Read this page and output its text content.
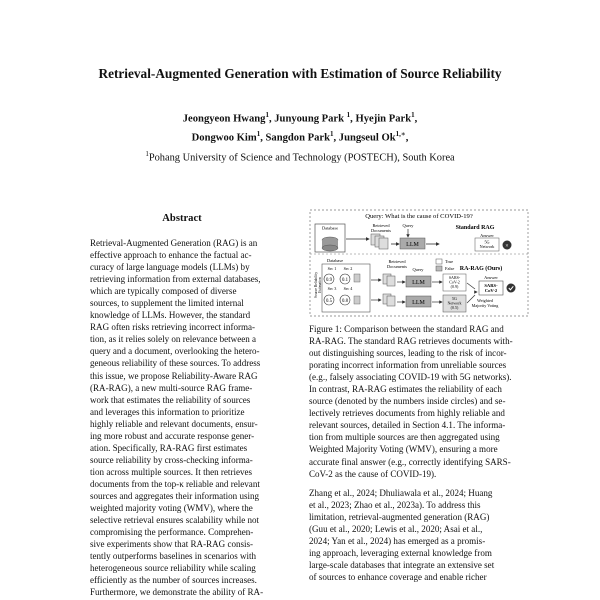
Retrieval-Augmented Generation with Estimation of Source Reliability
Jeongyeon Hwang$^1$, Junyoung Park $^1$, Hyejin Park$^1$,
Dongwoo Kim$^1$, Sangdon Park$^1$, Jungseul $Ok^{1,∗}$,
$^1$Pohang University of Science and Technology (POSTECH), South Korea
Abstract
Retrieval-Augmented Generation (RAG) is an
effective approach to enhance the factual ac-
curacy of large language models (LLMs) by
retrieving information from external databases,
which are typically composed of diverse
sources, to supplement the limited internal
knowledge of LLMs. However, the standard
RAG often risks retrieving incorrect informa-
tion, as it relies solely on relevance between a
query and a document, overlooking the hetero-
geneous reliability of these sources. To address
this issue, we propose Reliability-Aware RAG
(RA-RAG), a new multi-source RAG frame-
work that estimates the reliability of sources
and leverages this information to prioritize
highly reliable and relevant documents, ensur-
ing more robust and accurate response gener-
ation. Specifically, RA-RAG first estimates
source reliability by cross-checking informa-
tion across multiple sources. It then retrieves
documents from the top-κ reliable and relevant
sources and aggregates their information using
weighted majority voting (WMV), where the
selective retrieval ensures scalability while not
compromising the performance. Comprehen-
sive experiments show that RA-RAG consis-
tently outperforms baselines in scenarios with
heterogeneous source reliability while scaling
efficiently as the number of sources increases.
Furthermore, we demonstrate the ability of RA-
Query: What is the cause of COVID-19?
Database	Retrieved Documents
Query
LLM
Standard RAG
Answer
5G Network ×
Source ReliabilityEstimation
Database
Src 1 Src 2
0.9 0.1
Src 3 Src 4
0.5 0.8
Retrieved Documents
Query
LLM
LLM
True
False RA-RAG (Ours)
SARS-CoV-2 (0.9)
5G Network (0.5)
Answer
SARS-CoV-2
Weighted Majority Voting
Figure 1: Comparison between the standard RAG and
RA-RAG. The standard RAG retrieves documents with-
out distinguishing sources, leading to the risk of incor-
porating incorrect information from unreliable sources
(e.g., falsely associating COVID-19 with 5G networks).
In contrast, RA-RAG estimates the reliability of each
source (denoted by the numbers inside circles) and se-
lectively retrieves documents from highly reliable and
relevant sources, detailed in Section 4.1. The informa-
tion from multiple sources are then aggregated using
Weighted Majority Voting (WMV), ensuring a more
accurate final answer (e.g., correctly identifying SARS-
CoV-2 as the cause of COVID-19).
Zhang et al., 2024; Dhuliawala et al., 2024; Huang
et al., 2023; Zhao et al., 2023a). To address this
limitation, retrieval-augmented generation (RAG)
(Guu et al., 2020; Lewis et al., 2020; Asai et al.,
2024; Yan et al., 2024) has emerged as a promis-
ing approach, leveraging external knowledge from
large-scale databases that integrate an extensive set
of sources to enhance coverage and enable richer
